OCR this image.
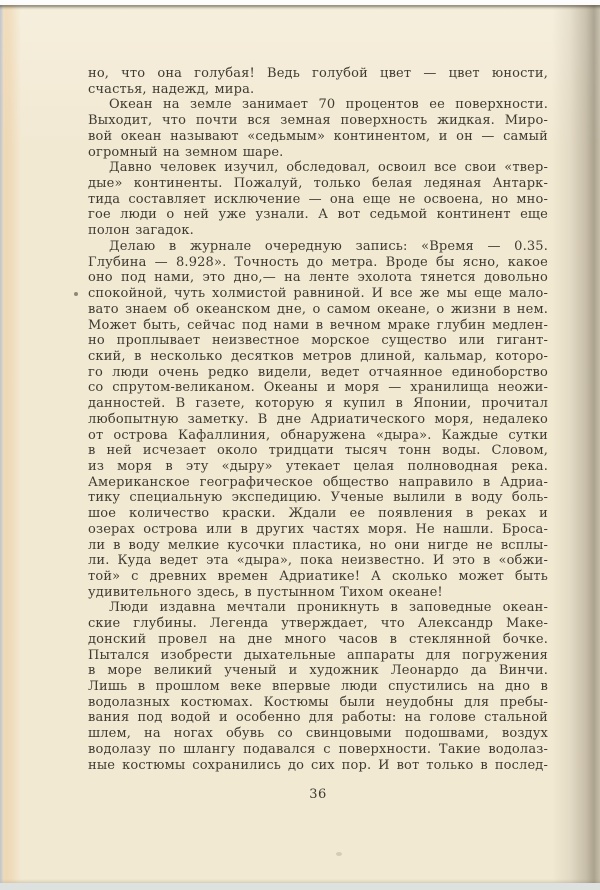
но, что она голубая! Ведь голубой цвет — цвет юности,
счастья, надежд, мира.
Океан на земле занимает 70 процентов ее поверхности.
Выходит, что почти вся земная поверхность жидкая. Миро-
вой океан называют «седьмым» континентом, и он — самый
огромный на земном шаре.
Давно человек изучил, обследовал, освоил все свои «твер-
дые» континенты. Пожалуй, только белая ледяная Антарк-
тида составляет исключение — она еще не освоена, но мно-
гое люди о ней уже узнали. А вот седьмой континент еще
полон загадок.
Делаю в журнале очередную запись: «Время — 0.35.
Глубина — 8.928». Точность до метра. Вроде бы ясно, какое
оно под нами, это дно,— на ленте эхолота тянется довольно
спокойной, чуть холмистой равниной. И все же мы еще мало-
вато знаем об океанском дне, о самом океане, о жизни в нем.
Может быть, сейчас под нами в вечном мраке глубин медлен-
но проплывает неизвестное морское существо или гигант-
ский, в несколько десятков метров длиной, кальмар, которо-
го люди очень редко видели, ведет отчаянное единоборство
со спрутом-великаном. Океаны и моря — хранилища неожи-
данностей. В газете, которую я купил в Японии, прочитал
любопытную заметку. В дне Адриатического моря, недалеко
от острова Кафаллиния, обнаружена «дыра». Каждые сутки
в ней исчезает около тридцати тысяч тонн воды. Словом,
из моря в эту «дыру» утекает целая полноводная река.
Американское географическое общество направило в Адриа-
тику специальную экспедицию. Ученые вылили в воду боль-
шое количество краски. Ждали ее появления в реках и
озерах острова или в других частях моря. Не нашли. Броса-
ли в воду мелкие кусочки пластика, но они нигде не всплы-
ли. Куда ведет эта «дыра», пока неизвестно. И это в «обжи-
той» с древних времен Адриатике! А сколько может быть
удивительного здесь, в пустынном Тихом океане!
Люди издавна мечтали проникнуть в заповедные океан-
ские глубины. Легенда утверждает, что Александр Маке-
донский провел на дне много часов в стеклянной бочке.
Пытался изобрести дыхательные аппараты для погружения
в море великий ученый и художник Леонардо да Винчи.
Лишь в прошлом веке впервые люди спустились на дно в
водолазных костюмах. Костюмы были неудобны для пребы-
вания под водой и особенно для работы: на голове стальной
шлем, на ногах обувь со свинцовыми подошвами, воздух
водолазу по шлангу подавался с поверхности. Такие водолаз-
ные костюмы сохранились до сих пор. И вот только в послед-
36
